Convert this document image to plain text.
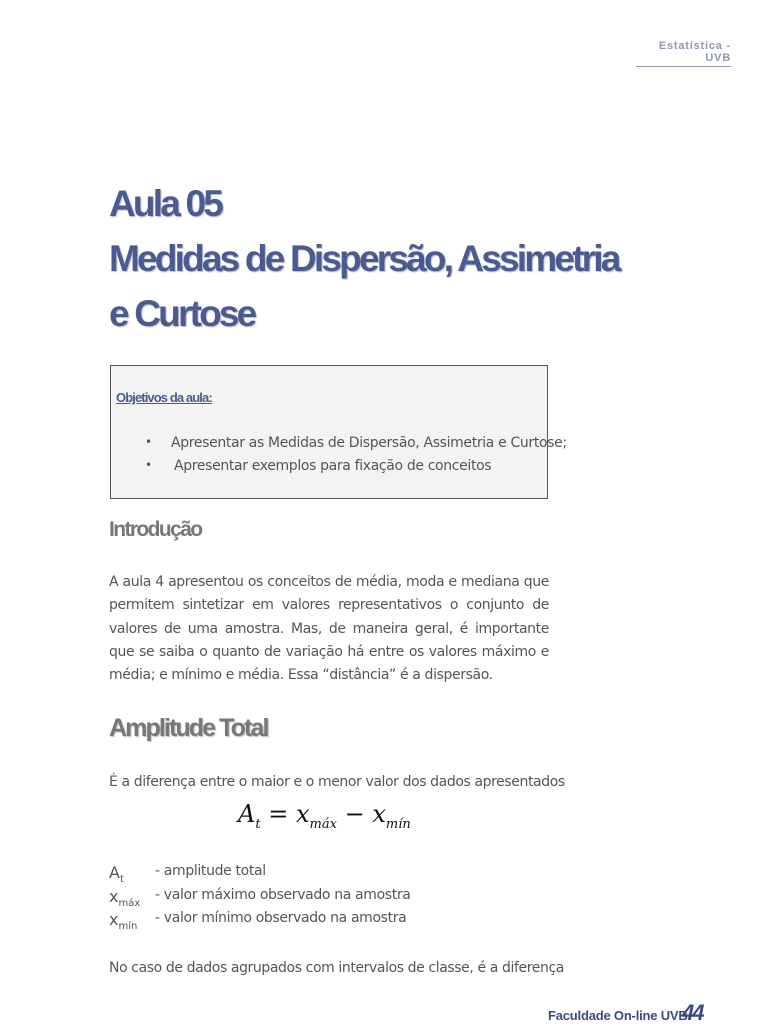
Estatística - UVB
Aula 05
Medidas de Dispersão, Assimetria
e Curtose
Objetivos da aula:
• Apresentar as Medidas de Dispersão, Assimetria e Curtose;
• Apresentar exemplos para fixação de conceitos
Introdução
A aula 4 apresentou os conceitos de média, moda e mediana que permitem sintetizar em valores representativos o conjunto de valores de uma amostra. Mas, de maneira geral, é importante que se saiba o quanto de variação há entre os valores máximo e média; e mínimo e média. Essa “distância” é a dispersão.
Amplitude Total
É a diferença entre o maior e o menor valor dos dados apresentados
$A_t = x_{máx} - x_{mín}$
$A_t$
- amplitude total
$x_{máx}$
- valor máximo observado na amostra
$x_{mín}$
- valor mínimo observado na amostra
No caso de dados agrupados com intervalos de classe, é a diferença
Faculdade On-line UVB
44
